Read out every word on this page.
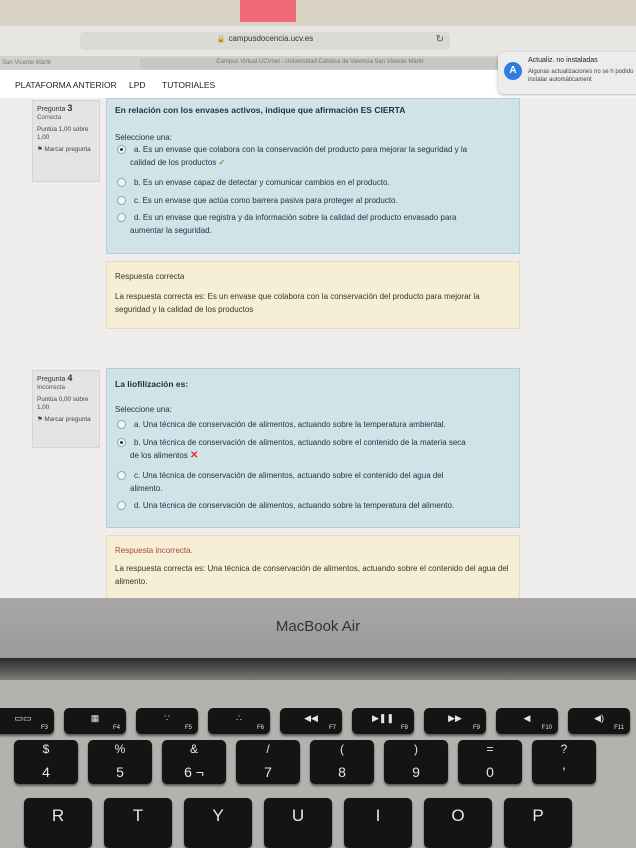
🔒 campusdocencia.ucv.es	↻
San Vicente Mártir	Campus Virtual UCVnet - Universidad Católica de Valencia San Vicente Mártir
PLATAFORMA ANTERIOR LPD TUTORIALES
A
Actualiz. no instaladas
Algunas actualizaciones no se h podido instalar automáticament
Pregunta 3
Correcta
Puntúa 1,00 sobre 1,00
⚑ Marcar pregunta
En relación con los envases activos, indique que afirmación ES CIERTA
Seleccione una:
a. Es un envase que colabora con la conservación del producto para mejorar la seguridad y la
calidad de los productos ✓
b. Es un envase capaz de detectar y comunicar cambios en el producto.
c. Es un envase que actúa como barrera pasiva para proteger al producto.
d. Es un envase que registra y da información sobre la calidad del producto envasado para
aumentar la seguridad.
Respuesta correcta
La respuesta correcta es: Es un envase que colabora con la conservación del producto para mejorar la seguridad y la calidad de los productos
Pregunta 4
Incorrecta
Puntúa 0,00 sobre 1,00
⚑ Marcar pregunta
La liofilización es:
Seleccione una:
a. Una técnica de conservación de alimentos, actuando sobre la temperatura ambiental.
b. Una técnica de conservación de alimentos, actuando sobre el contenido de la materia seca
de los alimentos ✕
c. Una técnica de conservación de alimentos, actuando sobre el contenido del agua del
alimento.
d. Una técnica de conservación de alimentos, actuando sobre la temperatura del alimento.
Respuesta incorrecta.
La respuesta correcta es: Una técnica de conservación de alimentos, actuando sobre el contenido del agua del alimento.
MacBook Air
▭▭
F3
▦
F4
∵
F5
∴
F6
◀◀
F7
▶❚❚
F8
▶▶
F9
◀
F10
◀)
F11
$
4
%
5
&
6 ¬
/
7
(
8
)
9
=
0
?
'
R	T	Y	U	I	O	P
